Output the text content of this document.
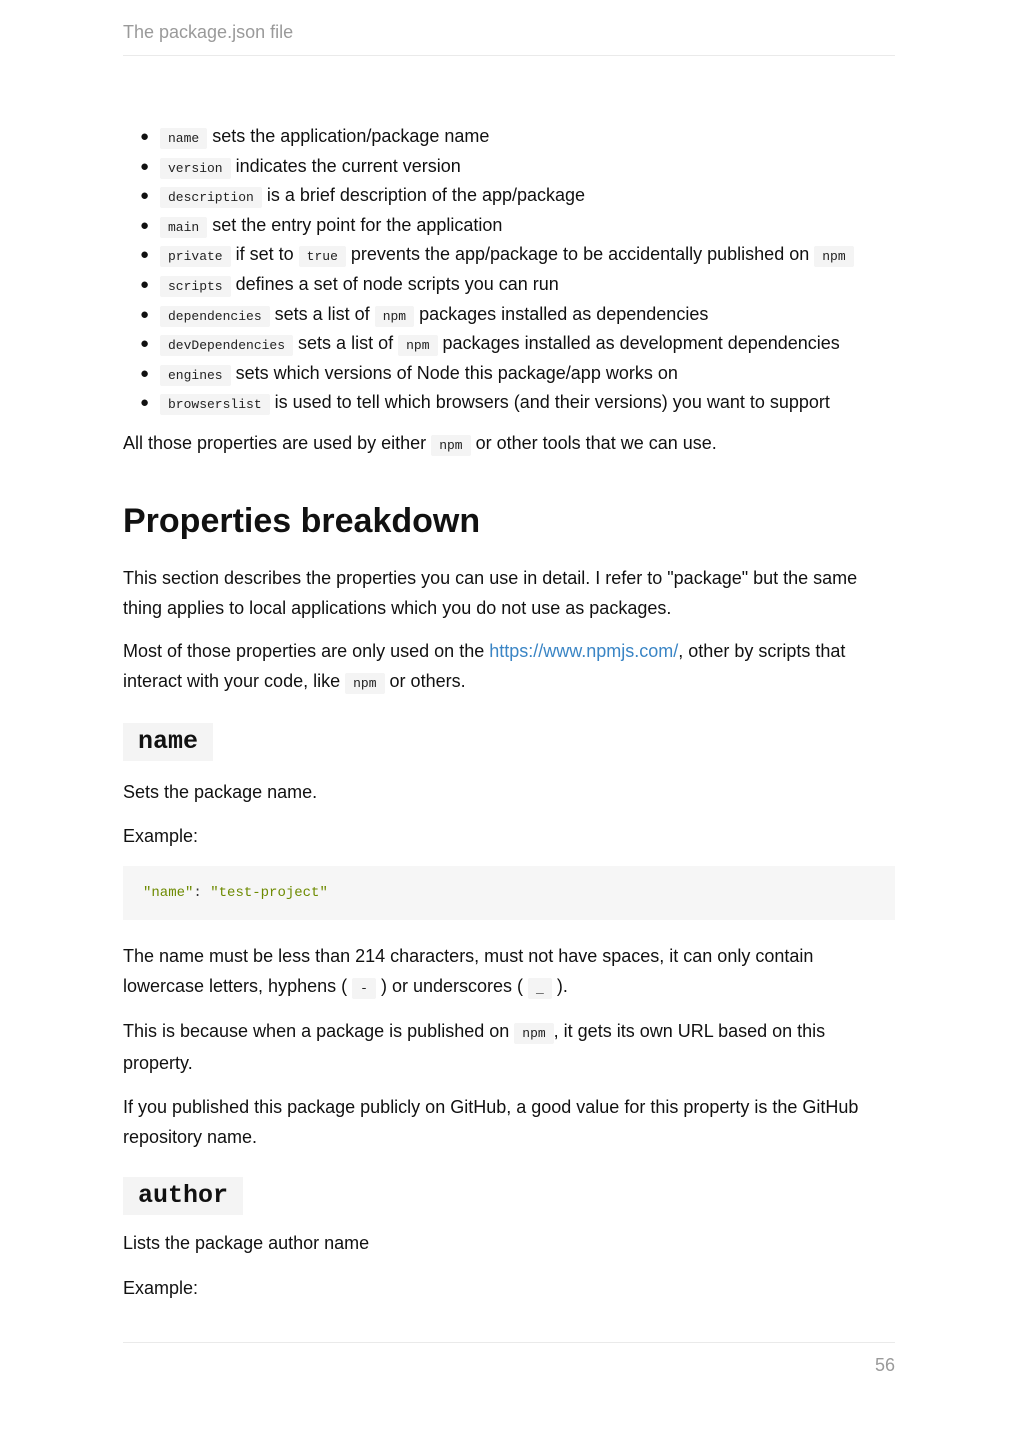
The package.json file
● name sets the application/package name
● version indicates the current version
● description is a brief description of the app/package
● main set the entry point for the application
● private if set to true prevents the app/package to be accidentally published on npm
● scripts defines a set of node scripts you can run
● dependencies sets a list of npm packages installed as dependencies
● devDependencies sets a list of npm packages installed as development dependencies
● engines sets which versions of Node this package/app works on
● browserslist is used to tell which browsers (and their versions) you want to support

All those properties are used by either npm or other tools that we can use.

Properties breakdown

This section describes the properties you can use in detail. I refer to "package" but the same thing applies to local applications which you do not use as packages.

Most of those properties are only used on the https://www.npmjs.com/, other by scripts that interact with your code, like npm or others.

name

Sets the package name.

Example:

"name": "test-project"

The name must be less than 214 characters, must not have spaces, it can only contain lowercase letters, hyphens ( - ) or underscores ( _ ).

This is because when a package is published on npm , it gets its own URL based on this property.

If you published this package publicly on GitHub, a good value for this property is the GitHub repository name.

author

Lists the package author name

Example:

56
